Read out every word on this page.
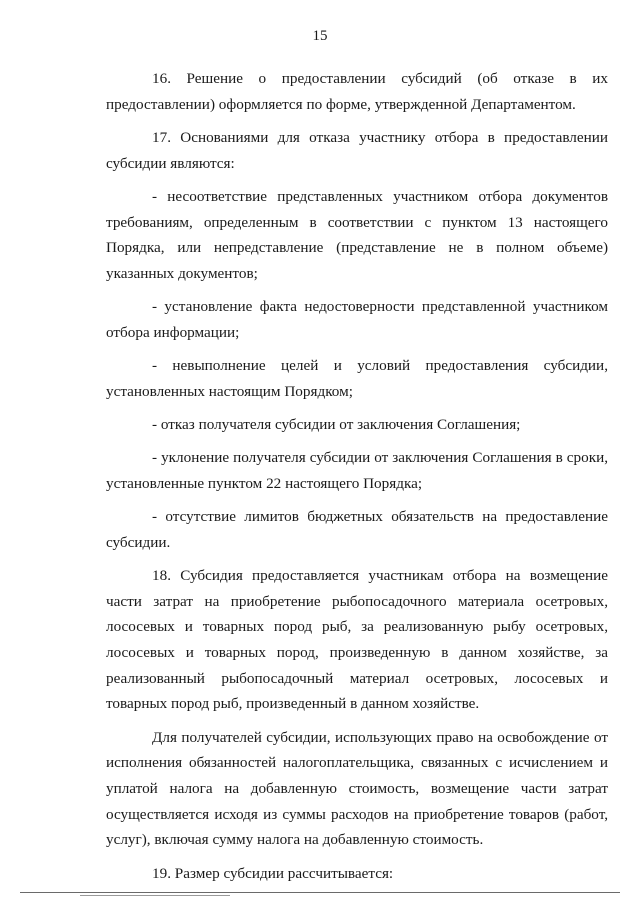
15

16. Решение о предоставлении субсидий (об отказе в их предоставлении) оформляется по форме, утвержденной Департаментом.

17. Основаниями для отказа участнику отбора в предоставлении субсидии являются:

- несоответствие представленных участником отбора документов требованиям, определенным в соответствии с пунктом 13 настоящего Порядка, или непредставление (представление не в полном объеме) указанных документов;

- установление факта недостоверности представленной участником отбора информации;

- невыполнение целей и условий предоставления субсидии, установленных настоящим Порядком;

- отказ получателя субсидии от заключения Соглашения;

- уклонение получателя субсидии от заключения Соглашения в сроки, установленные пунктом 22 настоящего Порядка;

- отсутствие лимитов бюджетных обязательств на предоставление субсидии.

18. Субсидия предоставляется участникам отбора на возмещение части затрат на приобретение рыбопосадочного материала осетровых, лососевых и товарных пород рыб, за реализованную рыбу осетровых, лососевых и товарных пород, произведенную в данном хозяйстве, за реализованный рыбопосадочный материал осетровых, лососевых и товарных пород рыб, произведенный в данном хозяйстве.

Для получателей субсидии, использующих право на освобождение от исполнения обязанностей налогоплательщика, связанных с исчислением и уплатой налога на добавленную стоимость, возмещение части затрат осуществляется исходя из суммы расходов на приобретение товаров (работ, услуг), включая сумму налога на добавленную стоимость.

19. Размер субсидии рассчитывается:
